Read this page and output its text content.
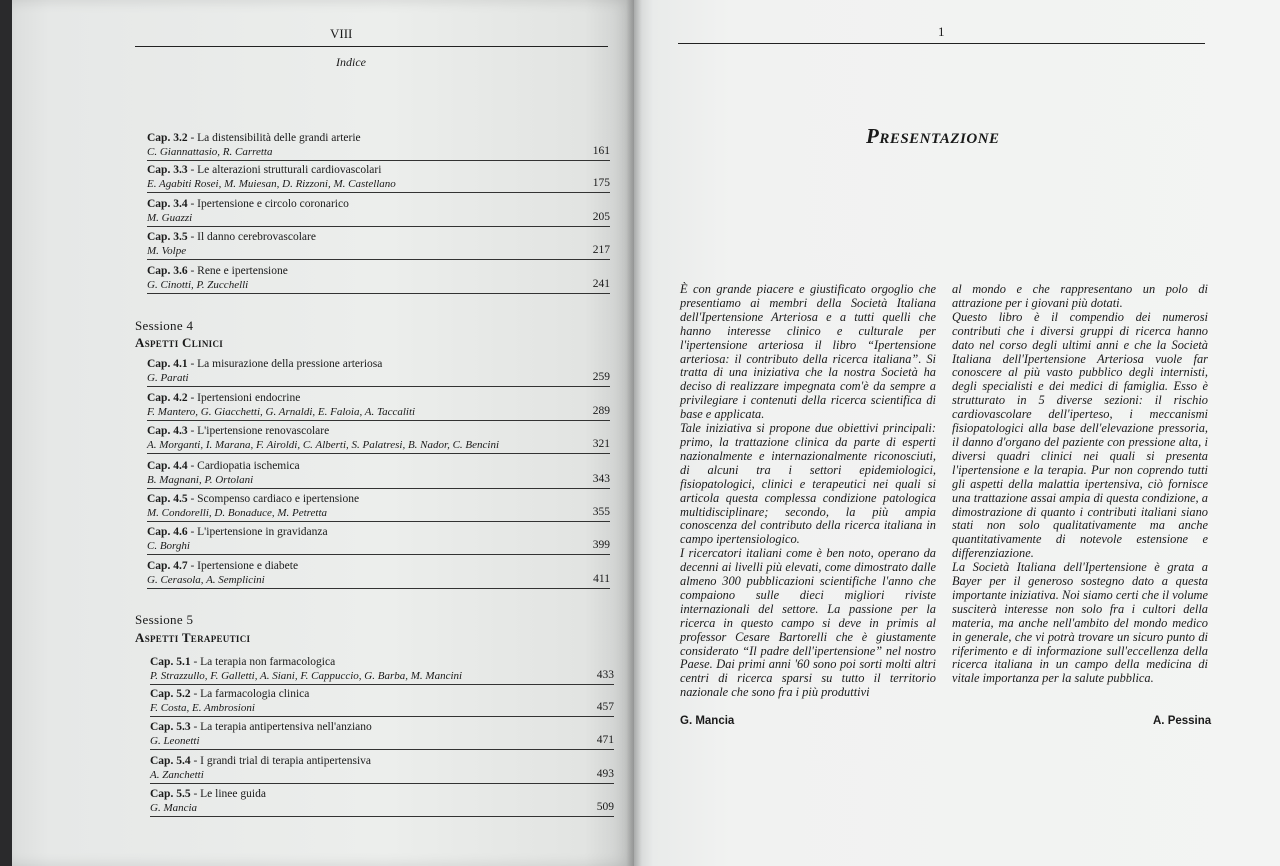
VIII
Indice
Cap. 3.2 - La distensibilità delle grandi arterie
C. Giannattasio, R. Carretta	161
Cap. 3.3 - Le alterazioni strutturali cardiovascolari
E. Agabiti Rosei, M. Muiesan, D. Rizzoni, M. Castellano	175
Cap. 3.4 - Ipertensione e circolo coronarico
M. Guazzi	205
Cap. 3.5 - Il danno cerebrovascolare
M. Volpe	217
Cap. 3.6 - Rene e ipertensione
G. Cinotti, P. Zucchelli	241
Sessione 4
Aspetti Clinici
Cap. 4.1 - La misurazione della pressione arteriosa
G. Parati	259
Cap. 4.2 - Ipertensioni endocrine
F. Mantero, G. Giacchetti, G. Arnaldi, E. Faloia, A. Taccaliti	289
Cap. 4.3 - L'ipertensione renovascolare
A. Morganti, I. Marana, F. Airoldi, C. Alberti, S. Palatresi, B. Nador, C. Bencini	321
Cap. 4.4 - Cardiopatia ischemica
B. Magnani, P. Ortolani	343
Cap. 4.5 - Scompenso cardiaco e ipertensione
M. Condorelli, D. Bonaduce, M. Petretta	355
Cap. 4.6 - L'ipertensione in gravidanza
C. Borghi	399
Cap. 4.7 - Ipertensione e diabete
G. Cerasola, A. Semplicini	411
Sessione 5
Aspetti Terapeutici
Cap. 5.1 - La terapia non farmacologica
P. Strazzullo, F. Galletti, A. Siani, F. Cappuccio, G. Barba, M. Mancini	433
Cap. 5.2 - La farmacologia clinica
F. Costa, E. Ambrosioni	457
Cap. 5.3 - La terapia antipertensiva nell'anziano
G. Leonetti	471
Cap. 5.4 - I grandi trial di terapia antipertensiva
A. Zanchetti	493
Cap. 5.5 - Le linee guida
G. Mancia	509
1
Presentazione

È con grande piacere e giustificato orgoglio che presentiamo ai membri della Società Italiana dell'Ipertensione Arteriosa e a tutti quelli che hanno interesse clinico e culturale per l'ipertensione arteriosa il libro “Ipertensione arteriosa: il contributo della ricerca italiana”. Si tratta di una iniziativa che la nostra Società ha deciso di realizzare impegnata com'è da sempre a privilegiare i contenuti della ricerca scientifica di base e applicata.

Tale iniziativa si propone due obiettivi principali: primo, la trattazione clinica da parte di esperti nazionalmente e internazionalmente riconosciuti, di alcuni tra i settori epidemiologici, fisiopatologici, clinici e terapeutici nei quali si articola questa complessa condizione patologica multidisciplinare; secondo, la più ampia conoscenza del contributo della ricerca italiana in campo ipertensiologico.

I ricercatori italiani come è ben noto, operano da decenni ai livelli più elevati, come dimostrato dalle almeno 300 pubblicazioni scientifiche l'anno che compaiono sulle dieci migliori riviste internazionali del settore. La passione per la ricerca in questo campo si deve in primis al professor Cesare Bartorelli che è giustamente considerato “Il padre dell'ipertensione” nel nostro Paese. Dai primi anni '60 sono poi sorti molti altri centri di ricerca sparsi su tutto il territorio nazionale che sono fra i più produttivi

al mondo e che rappresentano un polo di attrazione per i giovani più dotati.

Questo libro è il compendio dei numerosi contributi che i diversi gruppi di ricerca hanno dato nel corso degli ultimi anni e che la Società Italiana dell'Ipertensione Arteriosa vuole far conoscere al più vasto pubblico degli internisti, degli specialisti e dei medici di famiglia. Esso è strutturato in 5 diverse sezioni: il rischio cardiovascolare dell'iperteso, i meccanismi fisiopatologici alla base dell'elevazione pressoria, il danno d'organo del paziente con pressione alta, i diversi quadri clinici nei quali si presenta l'ipertensione e la terapia. Pur non coprendo tutti gli aspetti della malattia ipertensiva, ciò fornisce una trattazione assai ampia di questa condizione, a dimostrazione di quanto i contributi italiani siano stati non solo qualitativamente ma anche quantitativamente di notevole estensione e differenziazione.

La Società Italiana dell'Ipertensione è grata a Bayer per il generoso sostegno dato a questa importante iniziativa. Noi siamo certi che il volume susciterà interesse non solo fra i cultori della materia, ma anche nell'ambito del mondo medico in generale, che vi potrà trovare un sicuro punto di riferimento e di informazione sull'eccellenza della ricerca italiana in un campo della medicina di vitale importanza per la salute pubblica.

G. Mancia	A. Pessina
